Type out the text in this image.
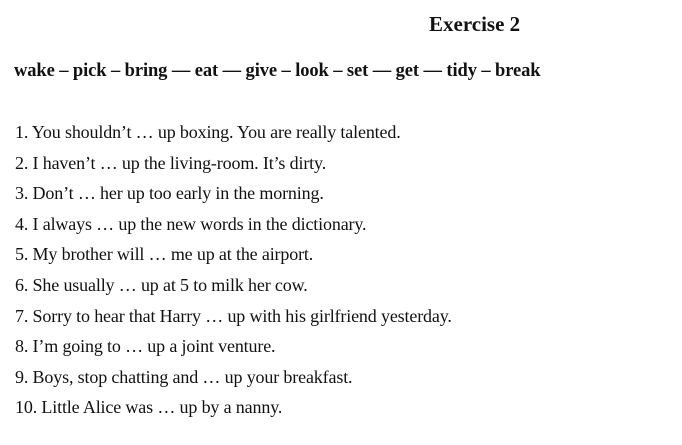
Exercise 2
wake – pick – bring — eat — give – look – set — get — tidy – break
1. You shouldn’t … up boxing. You are really talented.
2. I haven’t … up the living-room. It’s dirty.
3. Don’t … her up too early in the morning.
4. I always … up the new words in the dictionary.
5. My brother will … me up at the airport.
6. She usually … up at 5 to milk her cow.
7. Sorry to hear that Harry … up with his girlfriend yesterday.
8. I’m going to … up a joint venture.
9. Boys, stop chatting and … up your breakfast.
10. Little Alice was … up by a nanny.
